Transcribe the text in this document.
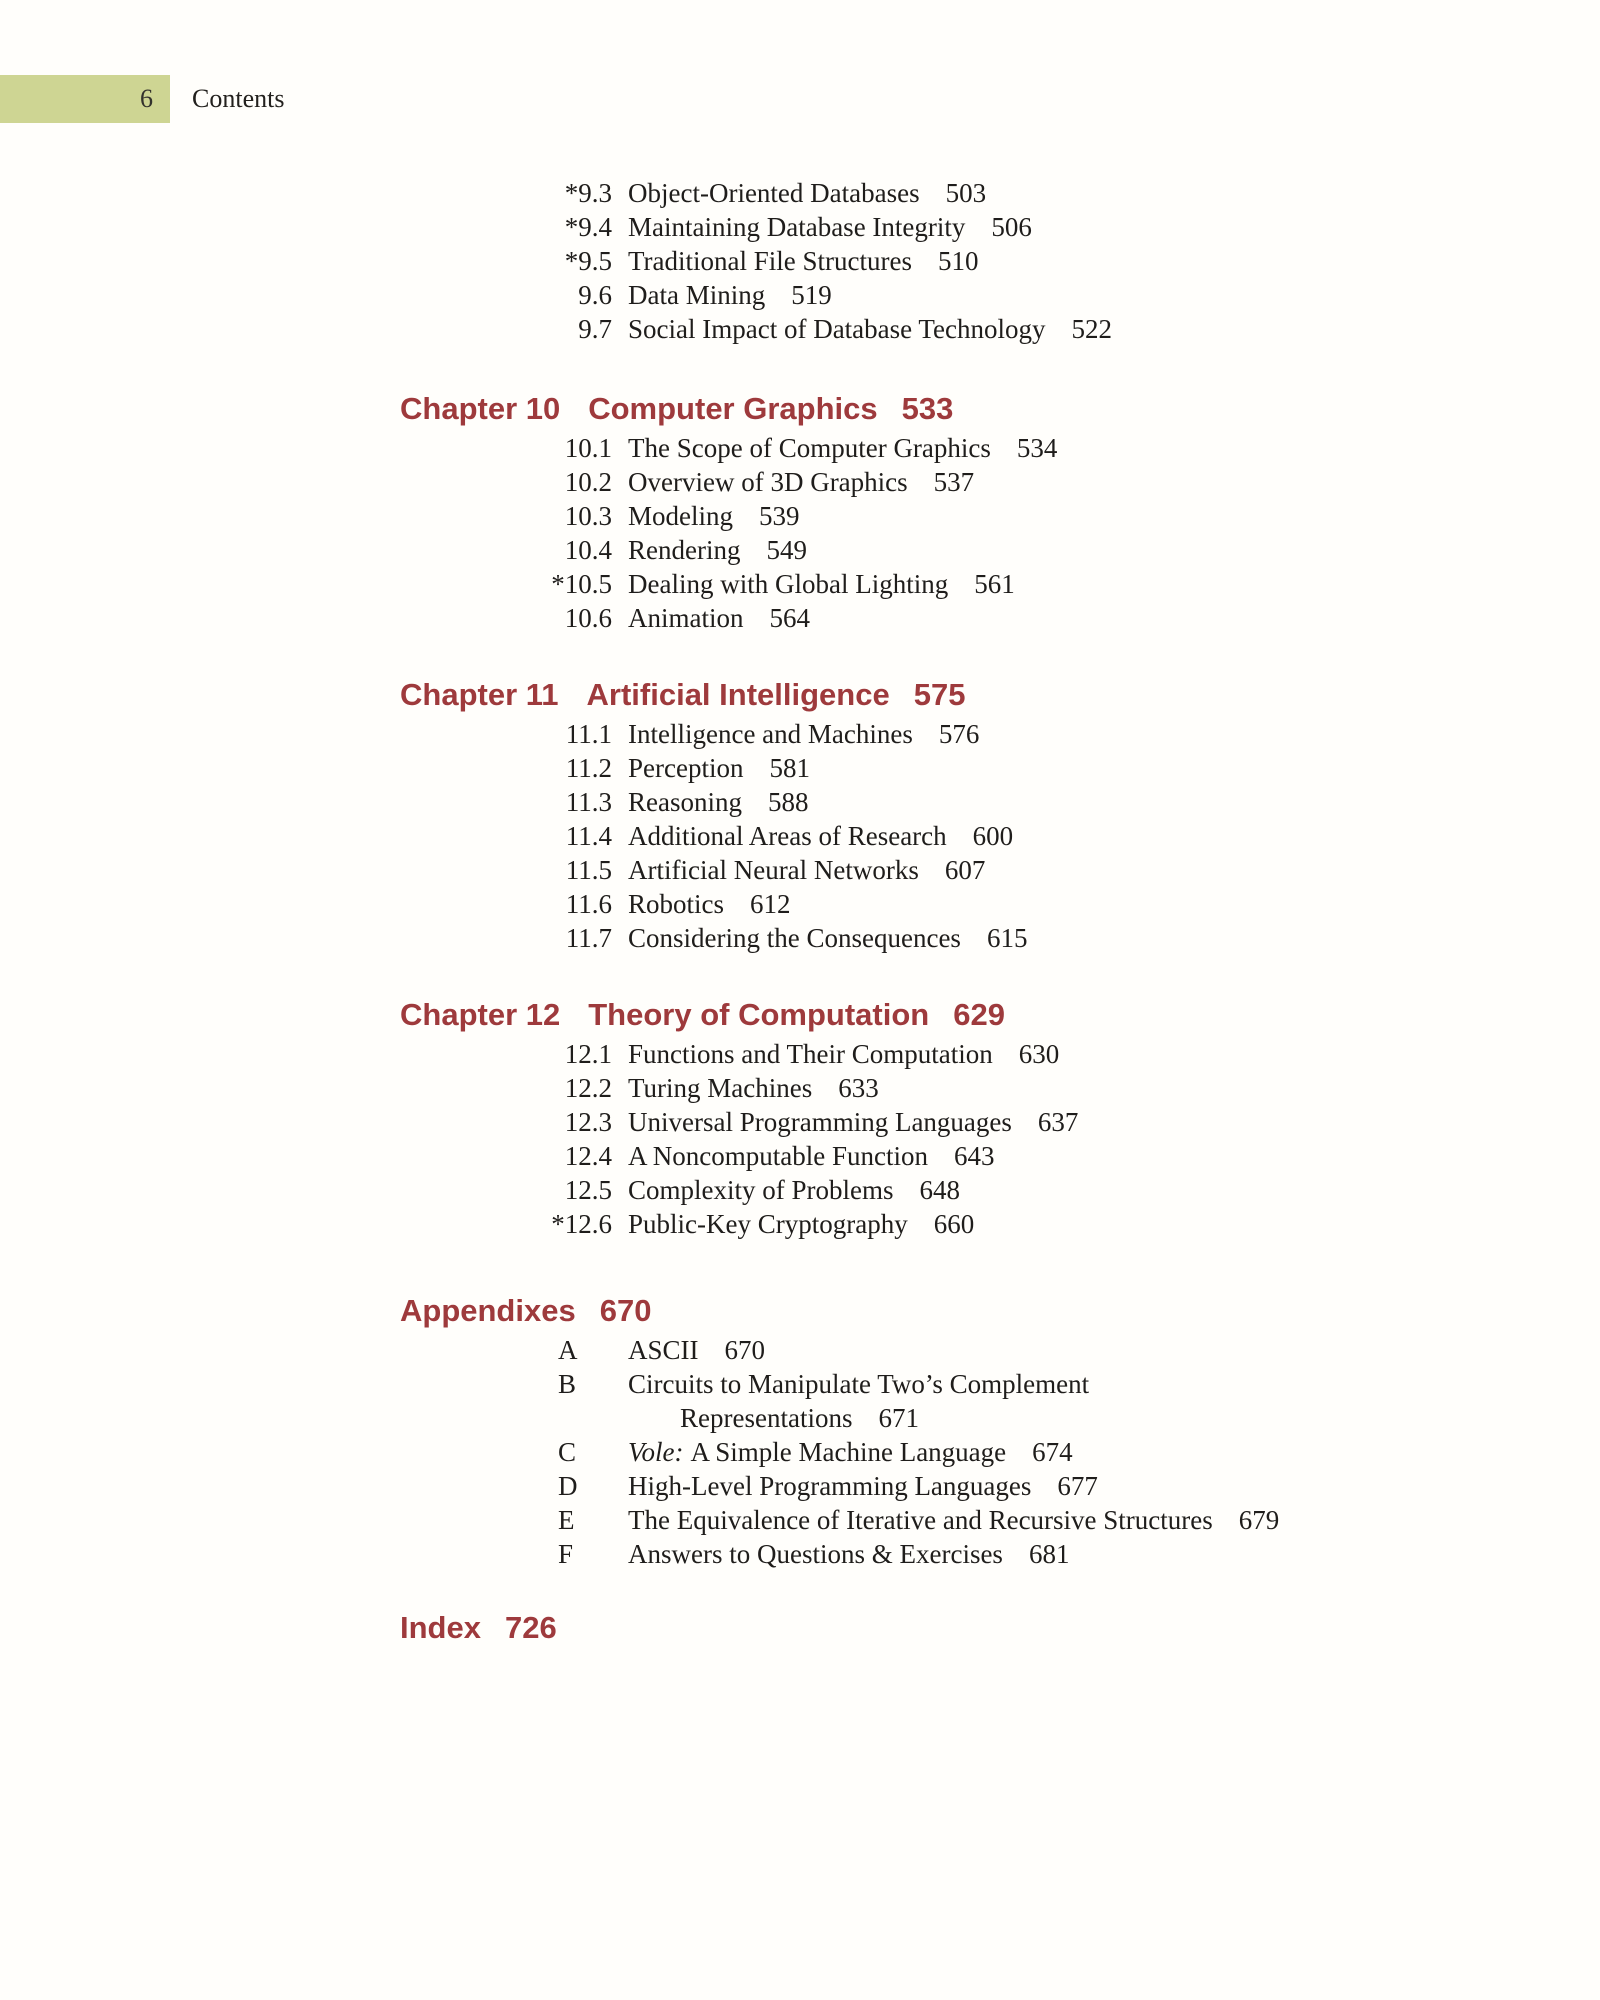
6	Contents
*9.3 Object-Oriented Databases 503
*9.4 Maintaining Database Integrity 506
*9.5 Traditional File Structures 510
9.6 Data Mining 519
9.7 Social Impact of Database Technology 522
Chapter 10 Computer Graphics 533
10.1 The Scope of Computer Graphics 534
10.2 Overview of 3D Graphics 537
10.3 Modeling 539
10.4 Rendering 549
*10.5 Dealing with Global Lighting 561
10.6 Animation 564
Chapter 11 Artificial Intelligence 575
11.1 Intelligence and Machines 576
11.2 Perception 581
11.3 Reasoning 588
11.4 Additional Areas of Research 600
11.5 Artificial Neural Networks 607
11.6 Robotics 612
11.7 Considering the Consequences 615
Chapter 12 Theory of Computation 629
12.1 Functions and Their Computation 630
12.2 Turing Machines 633
12.3 Universal Programming Languages 637
12.4 A Noncomputable Function 643
12.5 Complexity of Problems 648
*12.6 Public-Key Cryptography 660
Appendixes 670
A	ASCII 670
B	Circuits to Manipulate Two’s Complement
Representations 671
C	Vole: A Simple Machine Language 674
D	High-Level Programming Languages 677
E	The Equivalence of Iterative and Recursive Structures 679
F	Answers to Questions & Exercises 681
Index 726
